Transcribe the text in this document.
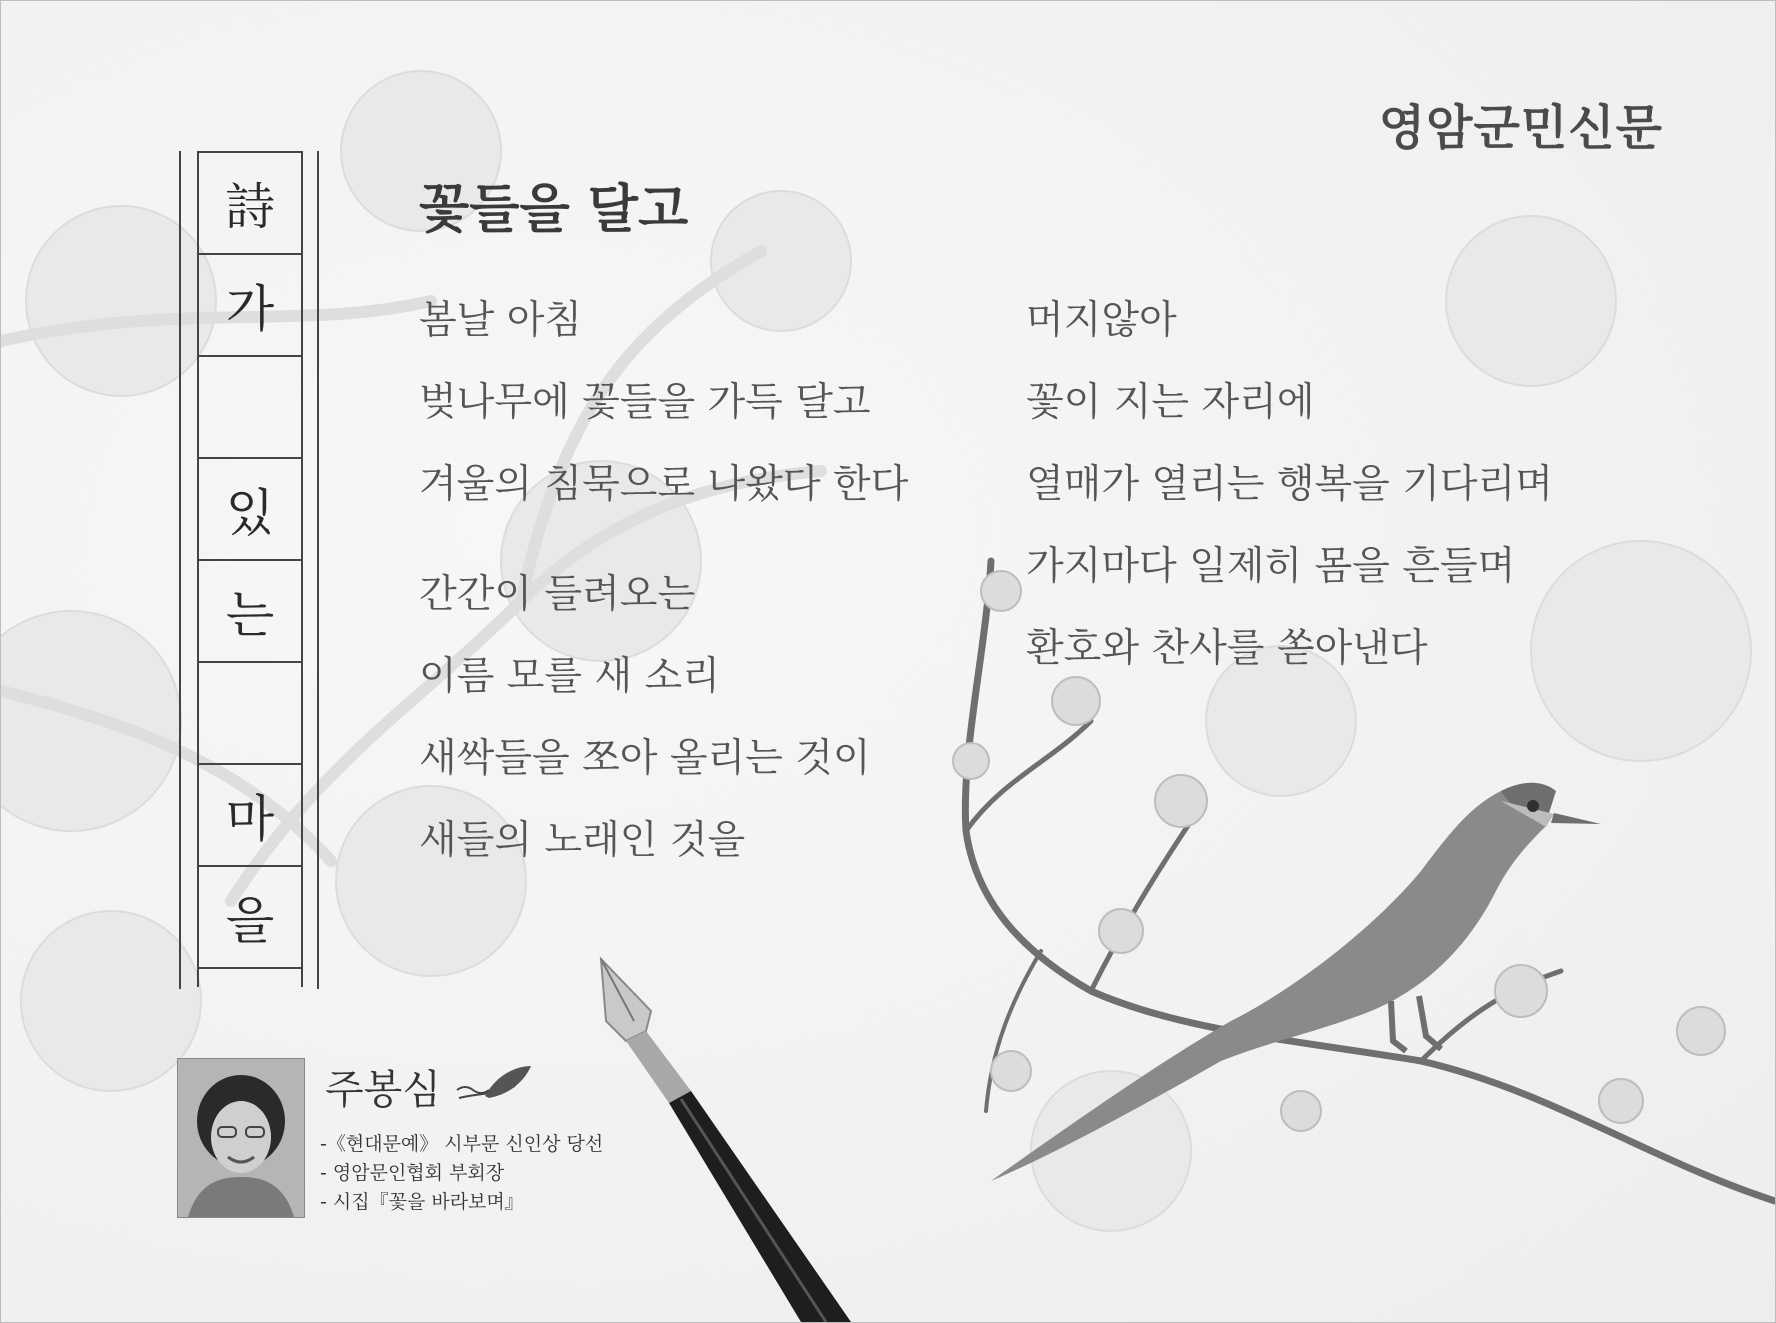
영암군민신문
詩
가
있
는
마
을
꽃들을 달고
봄날 아침
벚나무에 꽃들을 가득 달고
겨울의 침묵으로 나왔다 한다
간간이 들려오는
이름 모를 새 소리
새싹들을 쪼아 올리는 것이
새들의 노래인 것을
머지않아
꽃이 지는 자리에
열매가 열리는 행복을 기다리며
가지마다 일제히 몸을 흔들며
환호와 찬사를 쏟아낸다
주봉심
-《현대문예》 시부문 신인상 당선
- 영암문인협회 부회장
- 시집『꽃을 바라보며』
